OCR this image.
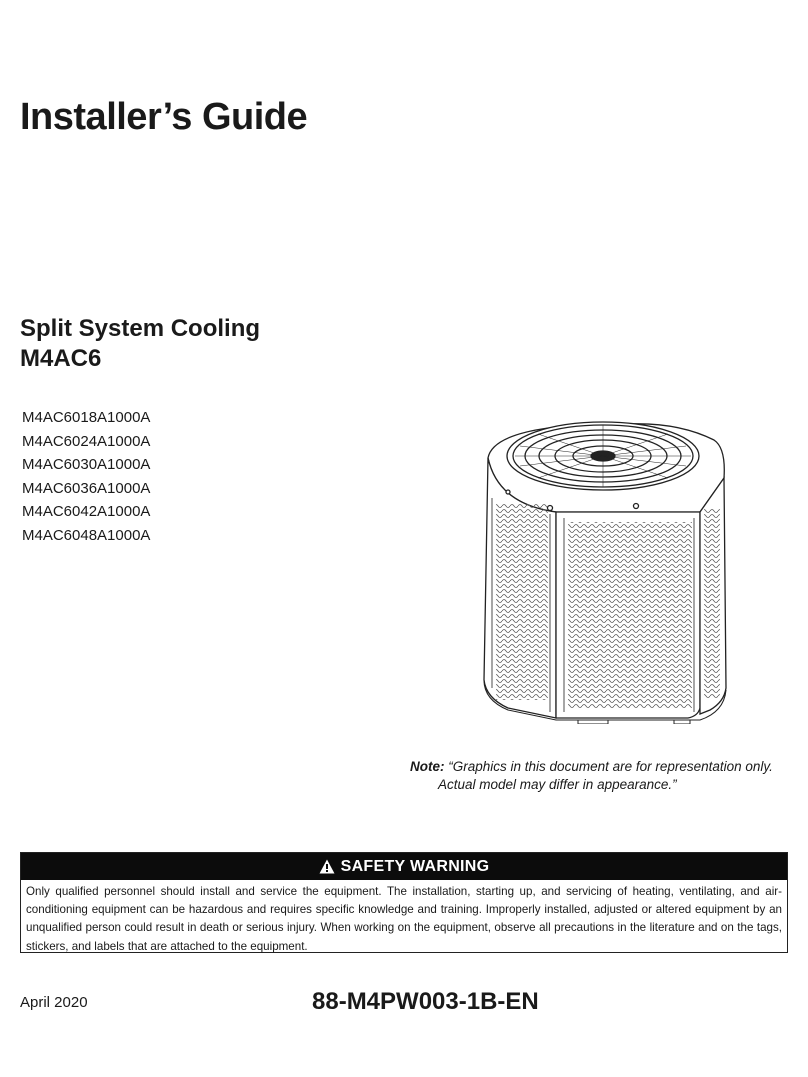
Installer’s Guide
Split System Cooling
M4AC6
M4AC6018A1000A
M4AC6024A1000A
M4AC6030A1000A
M4AC6036A1000A
M4AC6042A1000A
M4AC6048A1000A
Note: “Graphics in this document are for representation only.
Actual model may differ in appearance.”
SAFETY WARNING
Only qualified personnel should install and service the equipment. The installation, starting up, and servicing of heating, ventilating, and air-conditioning equipment can be hazardous and requires specific knowledge and training. Improperly installed, adjusted or altered equipment by an unqualified person could result in death or serious injury. When working on the equipment, observe all precautions in the literature and on the tags, stickers, and labels that are attached to the equipment.
April 2020	88-M4PW003-1B-EN
